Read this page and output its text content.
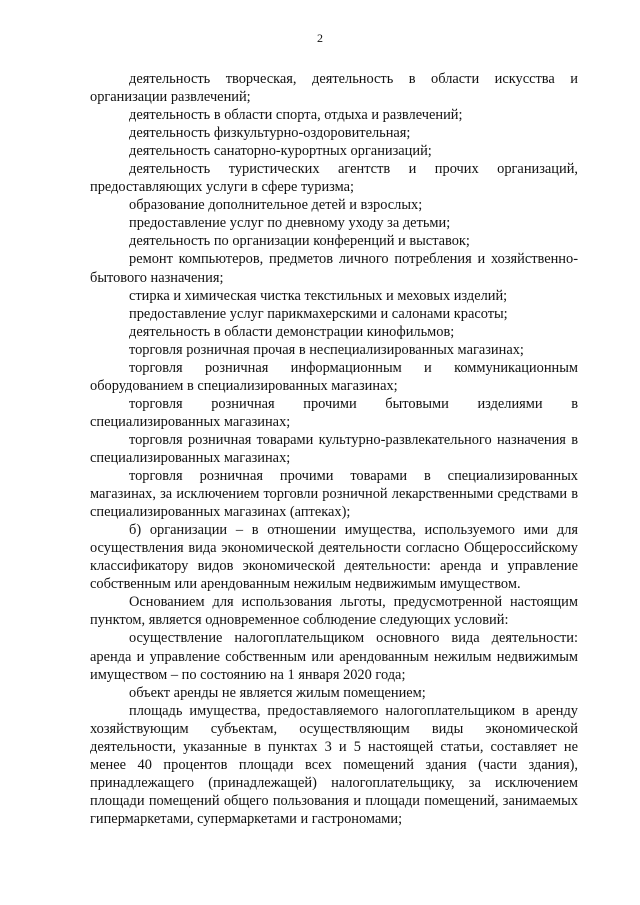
2

деятельность творческая, деятельность в области искусства и организации развлечений;

деятельность в области спорта, отдыха и развлечений;

деятельность физкультурно-оздоровительная;

деятельность санаторно-курортных организаций;

деятельность туристических агентств и прочих организаций, предоставляющих услуги в сфере туризма;

образование дополнительное детей и взрослых;

предоставление услуг по дневному уходу за детьми;

деятельность по организации конференций и выставок;

ремонт компьютеров, предметов личного потребления и хозяйственно-бытового назначения;

стирка и химическая чистка текстильных и меховых изделий;

предоставление услуг парикмахерскими и салонами красоты;

деятельность в области демонстрации кинофильмов;

торговля розничная прочая в неспециализированных магазинах;

торговля розничная информационным и коммуникационным оборудованием в специализированных магазинах;

торговля розничная прочими бытовыми изделиями в специализированных магазинах;

торговля розничная товарами культурно-развлекательного назначения в специализированных магазинах;

торговля розничная прочими товарами в специализированных магазинах, за исключением торговли розничной лекарственными средствами в специализированных магазинах (аптеках);

б) организации – в отношении имущества, используемого ими для осуществления вида экономической деятельности согласно Общероссийскому классификатору видов экономической деятельности: аренда и управление собственным или арендованным нежилым недвижимым имуществом.

Основанием для использования льготы, предусмотренной настоящим пунктом, является одновременное соблюдение следующих условий:

осуществление налогоплательщиком основного вида деятельности: аренда и управление собственным или арендованным нежилым недвижимым имуществом – по состоянию на 1 января 2020 года;

объект аренды не является жилым помещением;

площадь имущества, предоставляемого налогоплательщиком в аренду хозяйствующим субъектам, осуществляющим виды экономической деятельности, указанные в пунктах 3 и 5 настоящей статьи, составляет не менее 40 процентов площади всех помещений здания (части здания), принадлежащего (принадлежащей) налогоплательщику, за исключением площади помещений общего пользования и площади помещений, занимаемых гипермаркетами, супермаркетами и гастрономами;
